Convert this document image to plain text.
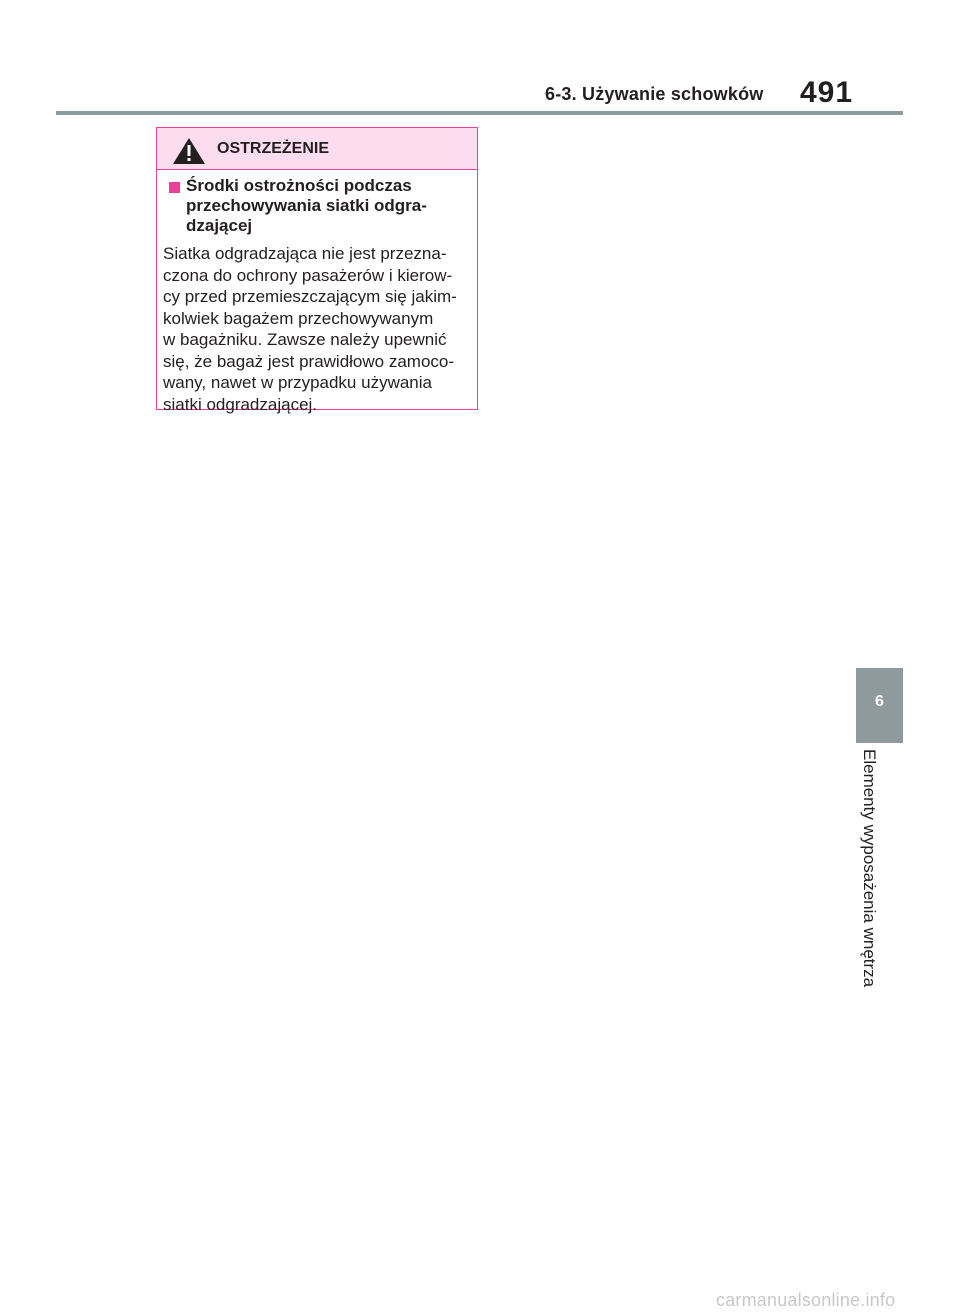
6-3. Używanie schowków 491
OSTRZEŻENIE
Środki ostrożności podczas
przechowywania siatki odgra-
dzającej
Siatka odgradzająca nie jest przezna-
czona do ochrony pasażerów i kierow-
cy przed przemieszczającym się jakim-
kolwiek bagażem przechowywanym
w bagażniku. Zawsze należy upewnić
się, że bagaż jest prawidłowo zamoco-
wany, nawet w przypadku używania
siatki odgradzającej.
6
Elementy wyposażenia wnętrza
carmanualsonline.info
